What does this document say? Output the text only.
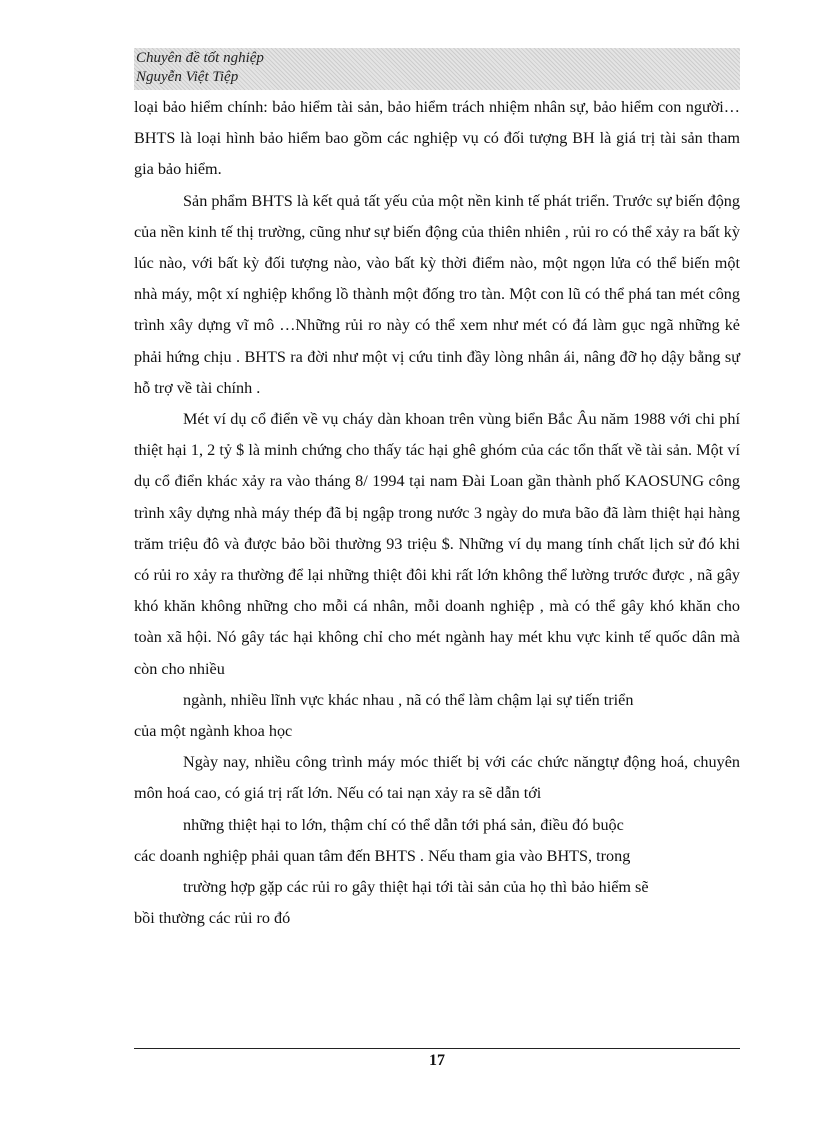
Chuyên đề tốt nghiệp
Nguyễn Việt Tiệp

loại bảo hiểm chính: bảo hiểm tài sản, bảo hiểm trách nhiệm nhân sự, bảo hiểm con người…BHTS là loại hình bảo hiểm bao gồm các nghiệp vụ có đối tượng BH là giá trị tài sản tham gia bảo hiểm.

Sản phẩm BHTS là kết quả tất yếu của một nền kinh tế phát triển. Trước sự biến động của nền kinh tế thị trường, cũng như sự biến động của thiên nhiên , rủi ro có thể xảy ra bất kỳ lúc nào, với bất kỳ đối tượng nào, vào bất kỳ thời điểm nào, một ngọn lửa có thể biến một nhà máy, một xí nghiệp khổng lồ thành một đống tro tàn. Một con lũ có thể phá tan mét công trình xây dựng vĩ mô …Những rủi ro này có thể xem như mét có đá làm gục ngã những kẻ phải hứng chịu . BHTS ra đời như một vị cứu tinh đầy lòng nhân ái, nâng đỡ họ dậy bằng sự hỗ trợ về tài chính .

Mét ví dụ cổ điển về vụ cháy dàn khoan trên vùng biển Bắc Âu năm 1988 với chi phí thiệt hại 1, 2 tỷ $ là minh chứng cho thấy tác hại ghê ghóm của các tổn thất về tài sản. Một ví dụ cổ điển khác xảy ra vào tháng 8/ 1994 tại nam Đài Loan gần thành phố KAOSUNG công trình xây dựng nhà máy thép đã bị ngập trong nước 3 ngày do mưa bão đã làm thiệt hại hàng trăm triệu đô và được bảo bồi thường 93 triệu $. Những ví dụ mang tính chất lịch sử đó khi có rủi ro xảy ra thường để lại những thiệt đôi khi rất lớn không thể lường trước được , nã gây khó khăn không những cho mỗi cá nhân, mỗi doanh nghiệp , mà có thể gây khó khăn cho toàn xã hội. Nó gây tác hại không chỉ cho mét ngành hay mét khu vực kinh tế quốc dân mà còn cho nhiều

ngành, nhiều lĩnh vực khác nhau , nã có thể làm chậm lại sự tiến triển

của một ngành khoa học

Ngày nay, nhiều công trình máy móc thiết bị với các chức năngtự động hoá, chuyên môn hoá cao, có giá trị rất lớn. Nếu có tai nạn xảy ra sẽ dẫn tới

những thiệt hại to lớn, thậm chí có thể dẫn tới phá sản, điều đó buộc

các doanh nghiệp phải quan tâm đến BHTS . Nếu tham gia vào BHTS, trong

trường hợp gặp các rủi ro gây thiệt hại tới tài sản của họ thì bảo hiểm sẽ

bồi thường các rủi ro đó

17
